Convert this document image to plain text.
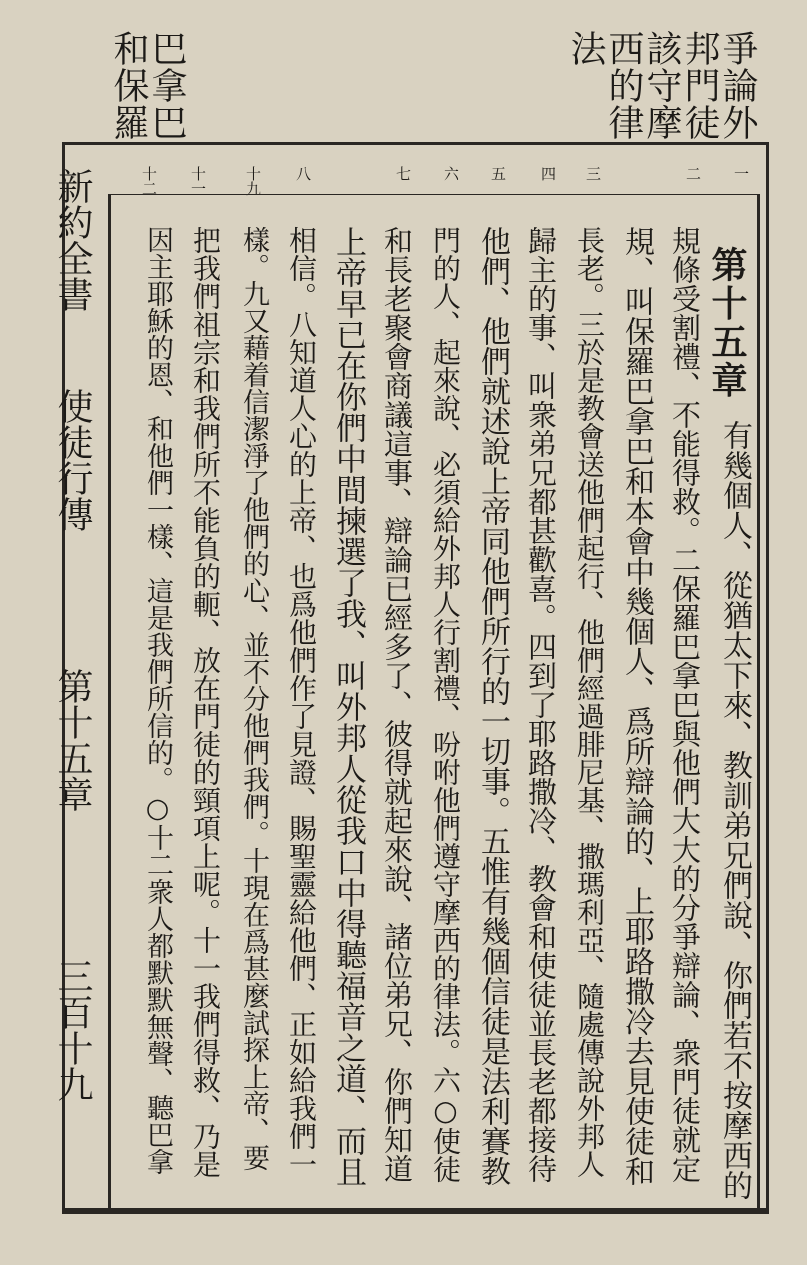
爭論外
邦門徒
該守摩
西的律
法
巴拿巴
和保羅
新約全書
使徒行傳
第十五章
三百十九
一
二
三
四
五
六
七
八
十九
十一
十二
第十五章
有幾個人、從猶太下來、教訓弟兄們說、你們若不按摩西的
規條受割禮、不能得救。二保羅巴拿巴與他們大大的分爭辯論、衆門徒就定
規、叫保羅巴拿巴和本會中幾個人、爲所辯論的、上耶路撒冷去見使徒和
長老。三於是教會送他們起行、他們經過腓尼基、撒瑪利亞、隨處傳說外邦人
歸主的事、叫衆弟兄都甚歡喜。四到了耶路撒冷、教會和使徒並長老都接待
他們、他們就述說上帝同他們所行的一切事。五惟有幾個信徒是法利賽教
門的人、起來說、必須給外邦人行割禮、吩咐他們遵守摩西的律法。六○使徒
和長老聚會商議這事、辯論已經多了、彼得就起來說、諸位弟兄、你們知道
上帝早已在你們中間揀選了我、叫外邦人從我口中得聽福音之道、而且
相信。八知道人心的上帝、也爲他們作了見證、賜聖靈給他們、正如給我們一
樣。九又藉着信潔淨了他們的心、並不分他們我們。十現在爲甚麼試探上帝、要
把我們祖宗和我們所不能負的軛、放在門徒的頸項上呢。十一我們得救、乃是
因主耶穌的恩、和他們一樣、這是我們所信的。○十二衆人都默默無聲、聽巴拿
